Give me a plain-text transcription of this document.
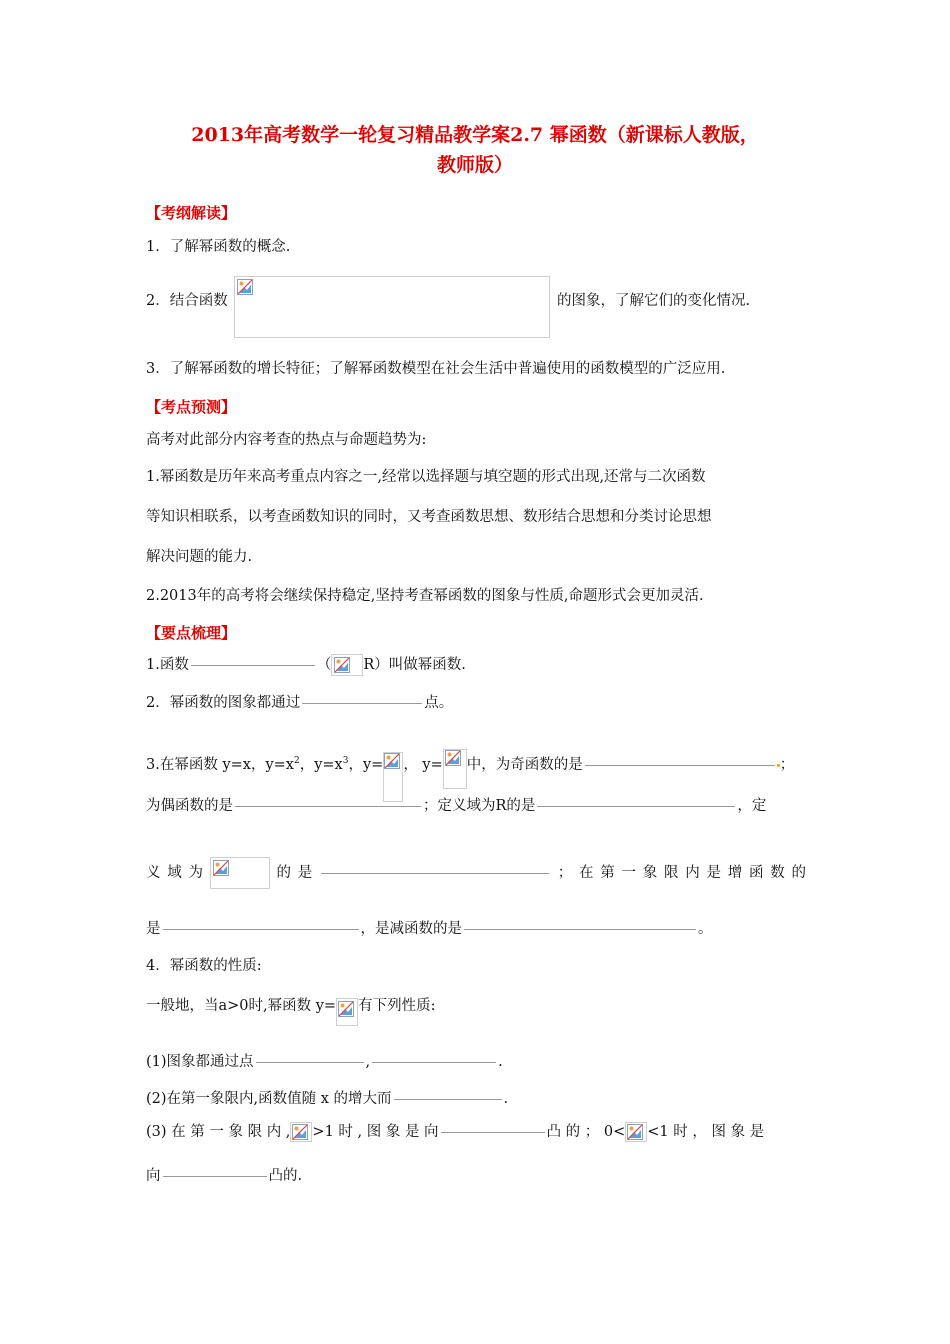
2013年高考数学一轮复习精品教学案2.7 幂函数（新课标人教版，
教师版）
【考纲解读】
1．了解幂函数的概念.
2．结合函数	的图象，了解它们的变化情况.
3．了解幂函数的增长特征；了解幂函数模型在社会生活中普遍使用的函数模型的广泛应用.
【考点预测】
高考对此部分内容考查的热点与命题趋势为:
1.幂函数是历年来高考重点内容之一,经常以选择题与填空题的形式出现,还常与二次函数
等知识相联系，以考查函数知识的同时，又考查函数思想、数形结合思想和分类讨论思想
解决问题的能力.
2.2013年的高考将会继续保持稳定,坚持考查幂函数的图象与性质,命题形式会更加灵活.
【要点梳理】
1.函数	（ R）叫做幂函数.
2．幂函数的图象都通过	点。
3.在幂函数 y=x，$y=x^2$，$y=x^3$，y= ， y= 中，为奇函数的是	；
为偶函数的是	；定义域为R的是	，定
义 域 为	的 是	； 在 第 一 象 限 内 是 增 函 数 的
是	，是减函数的是	。
4．幂函数的性质:
一般地，当a>0时,幂函数 y= 有下列性质:
(1)图象都通过点	,	.
(2)在第一象限内,函数值随 x 的增大而	.
(3) 在 第 一 象 限 内 , >1 时 , 图 象 是 向	凸 的 ； 0< <1 时 ， 图 象 是
向	凸的.
